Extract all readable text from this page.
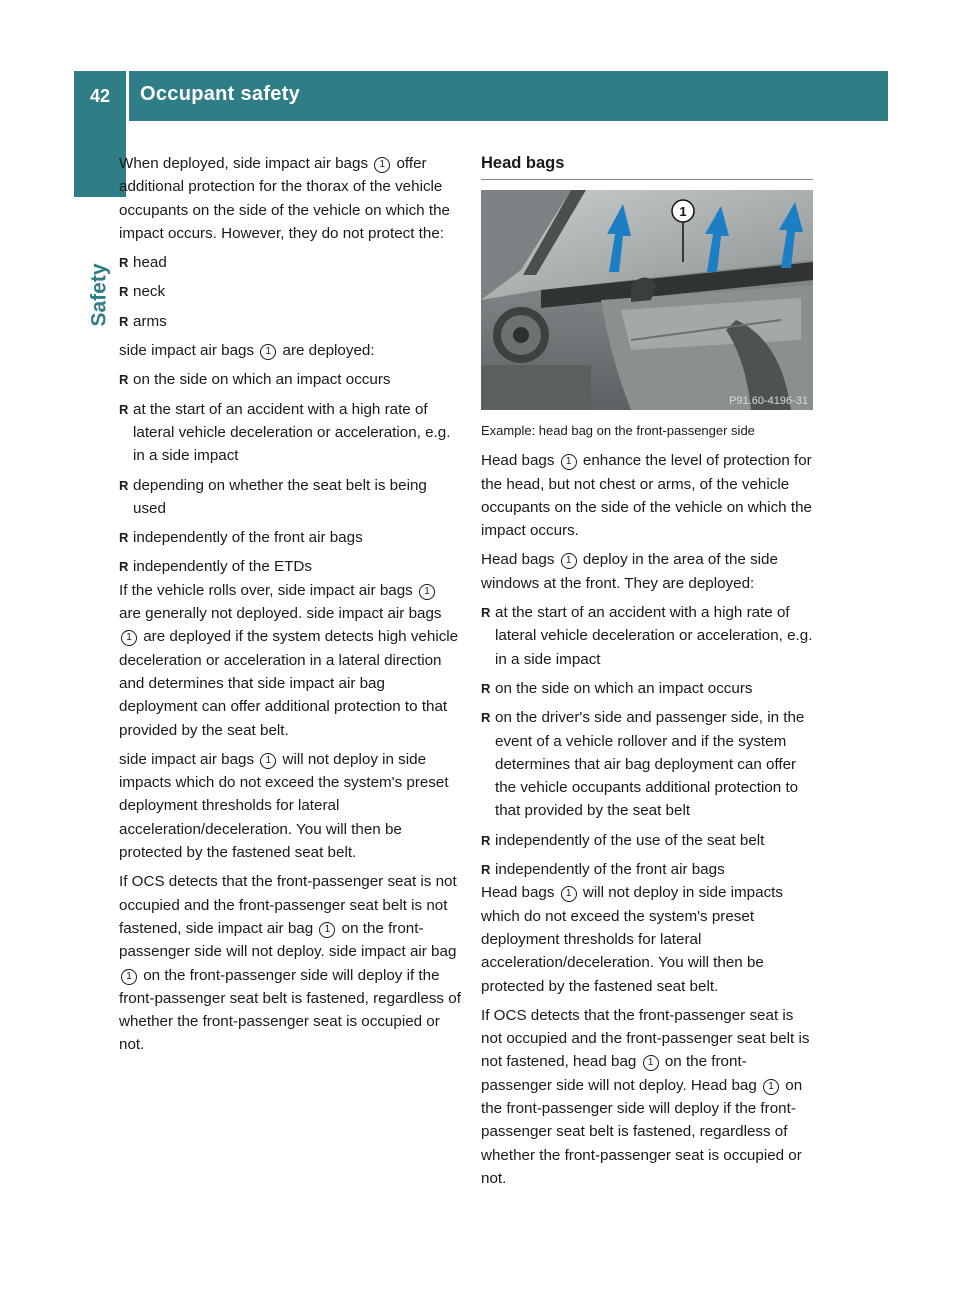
42	Occupant safety
Safety

When deployed, side impact air bags 1 offer additional protection for the thorax of the vehicle occupants on the side of the vehicle on which the impact occurs. However, they do not protect the:

R head
R neck
R arms

side impact air bags 1 are deployed:

R on the side on which an impact occurs
R at the start of an accident with a high rate of lateral vehicle deceleration or acceleration, e.g. in a side impact
R depending on whether the seat belt is being used
R independently of the front air bags
R independently of the ETDs

If the vehicle rolls over, side impact air bags 1 are generally not deployed. side impact air bags 1 are deployed if the system detects high vehicle deceleration or acceleration in a lateral direction and determines that side impact air bag deployment can offer additional protection to that provided by the seat belt.

side impact air bags 1 will not deploy in side impacts which do not exceed the system's preset deployment thresholds for lateral acceleration/deceleration. You will then be protected by the fastened seat belt.

If OCS detects that the front-passenger seat is not occupied and the front-passenger seat belt is not fastened, side impact air bag 1 on the front-passenger side will not deploy. side impact air bag 1 on the front-passenger side will deploy if the front-passenger seat belt is fastened, regardless of whether the front-passenger seat is occupied or not.

Head bags
1
P91.60-4196-31
Example: head bag on the front-passenger side

Head bags 1 enhance the level of protection for the head, but not chest or arms, of the vehicle occupants on the side of the vehicle on which the impact occurs.

Head bags 1 deploy in the area of the side windows at the front. They are deployed:

R at the start of an accident with a high rate of lateral vehicle deceleration or acceleration, e.g. in a side impact
R on the side on which an impact occurs
R on the driver's side and passenger side, in the event of a vehicle rollover and if the system determines that air bag deployment can offer the vehicle occupants additional protection to that provided by the seat belt
R independently of the use of the seat belt
R independently of the front air bags

Head bags 1 will not deploy in side impacts which do not exceed the system's preset deployment thresholds for lateral acceleration/deceleration. You will then be protected by the fastened seat belt.

If OCS detects that the front-passenger seat is not occupied and the front-passenger seat belt is not fastened, head bag 1 on the front-passenger side will not deploy. Head bag 1 on the front-passenger side will deploy if the front-passenger seat belt is fastened, regardless of whether the front-passenger seat is occupied or not.
